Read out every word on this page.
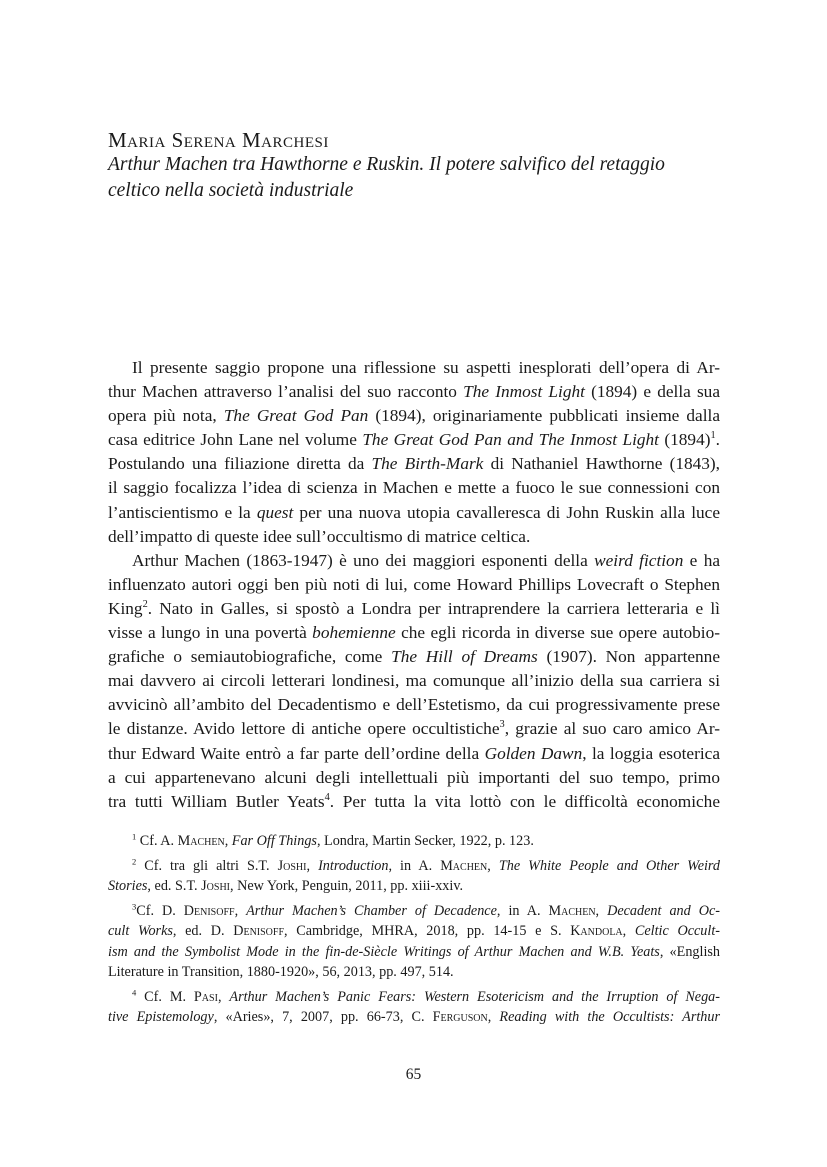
Maria Serena Marchesi
Arthur Machen tra Hawthorne e Ruskin. Il potere salvifico del retaggio
celtico nella società industriale
Il presente saggio propone una riflessione su aspetti inesplorati dell’opera di Ar-
thur Machen attraverso l’analisi del suo racconto The Inmost Light (1894) e della sua
opera più nota, The Great God Pan (1894), originariamente pubblicati insieme dalla
casa editrice John Lane nel volume The Great God Pan and The Inmost Light $(1894)^1$.
Postulando una filiazione diretta da The Birth-Mark di Nathaniel Hawthorne (1843),
il saggio focalizza l’idea di scienza in Machen e mette a fuoco le sue connessioni con
l’antiscientismo e la quest per una nuova utopia cavalleresca di John Ruskin alla luce
dell’impatto di queste idee sull’occultismo di matrice celtica.
Arthur Machen (1863-1947) è uno dei maggiori esponenti della weird fiction e ha
influenzato autori oggi ben più noti di lui, come Howard Phillips Lovecraft o Stephen
King$^2$. Nato in Galles, si spostò a Londra per intraprendere la carriera letteraria e lì
visse a lungo in una povertà bohemienne che egli ricorda in diverse sue opere autobio-
grafiche o semiautobiografiche, come The Hill of Dreams (1907). Non appartenne
mai davvero ai circoli letterari londinesi, ma comunque all’inizio della sua carriera si
avvicinò all’ambito del Decadentismo e dell’Estetismo, da cui progressivamente prese
le distanze. Avido lettore di antiche opere occultistiche$^3$, grazie al suo caro amico Ar-
thur Edward Waite entrò a far parte dell’ordine della Golden Dawn, la loggia esoterica
a cui appartenevano alcuni degli intellettuali più importanti del suo tempo, primo
tra tutti William Butler Yeats$^4$. Per tutta la vita lottò con le difficoltà economiche
$^1$ Cf. A. Machen, Far Off Things, Londra, Martin Secker, 1922, p. 123.
$^2$ Cf. tra gli altri S.T. Joshi, Introduction, in A. Machen, The White People and Other Weird
Stories, ed. S.T. Joshi, New York, Penguin, 2011, pp. xiii-xxiv.
$^3$Cf. D. Denisoff, Arthur Machen’s Chamber of Decadence, in A. Machen, Decadent and Oc-
cult Works, ed. D. Denisoff, Cambridge, MHRA, 2018, pp. 14-15 e S. Kandola, Celtic Occult-
ism and the Symbolist Mode in the fin-de-Siècle Writings of Arthur Machen and W.B. Yeats, «English
Literature in Transition, 1880-1920», 56, 2013, pp. 497, 514.
$^4$ Cf. M. Pasi, Arthur Machen’s Panic Fears: Western Esotericism and the Irruption of Nega-
tive Epistemology, «Aries», 7, 2007, pp. 66-73, C. Ferguson, Reading with the Occultists: Arthur
65
